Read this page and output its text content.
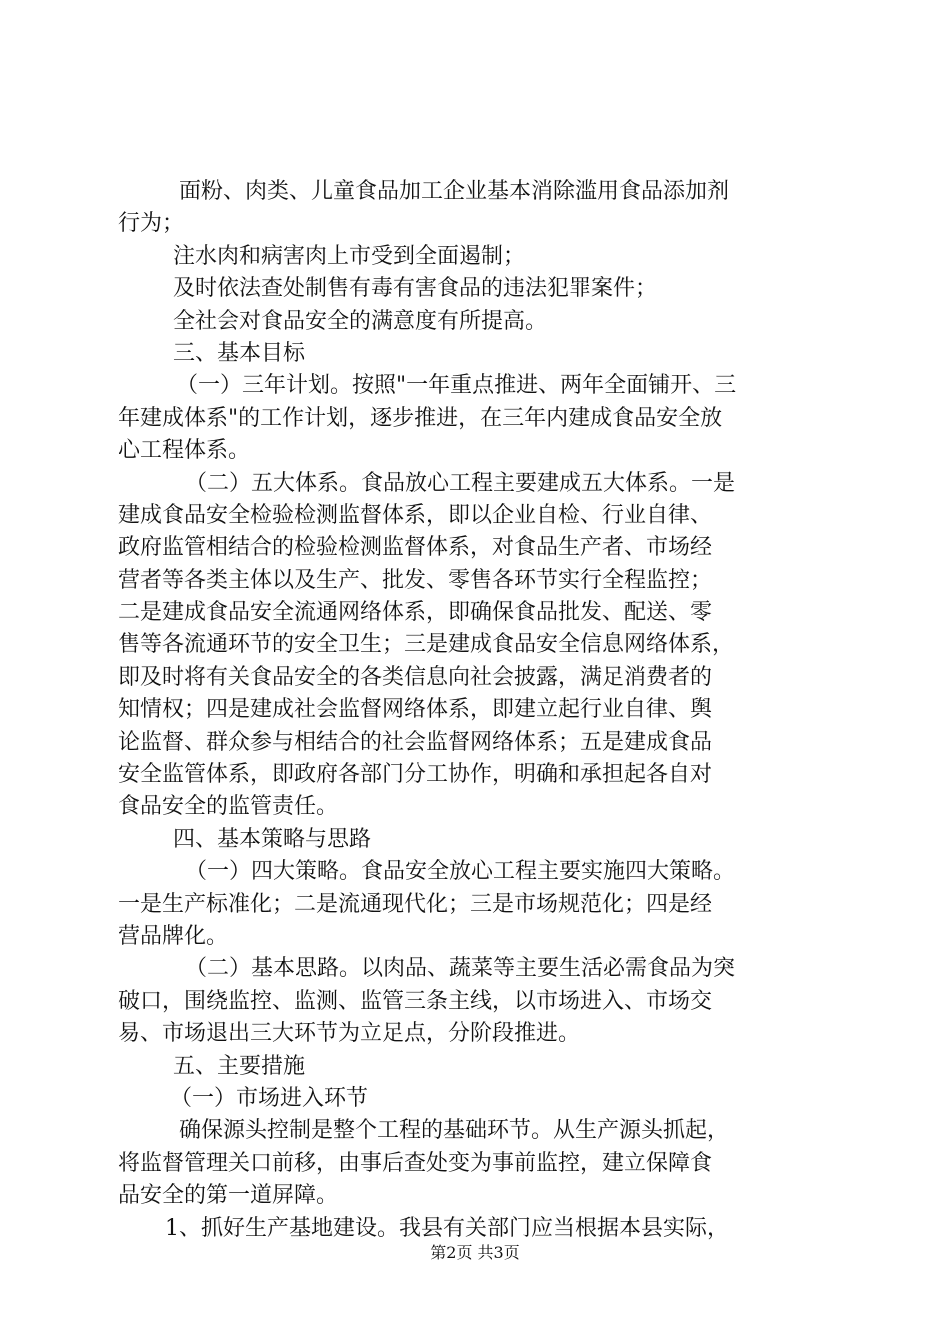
面粉、肉类、儿童食品加工企业基本消除滥用食品添加剂
行为；
注水肉和病害肉上市受到全面遏制；
及时依法查处制售有毒有害食品的违法犯罪案件；
全社会对食品安全的满意度有所提高。
三、基本目标
（一）三年计划。按照"一年重点推进、两年全面铺开、三
年建成体系"的工作计划，逐步推进，在三年内建成食品安全放
心工程体系。
（二）五大体系。食品放心工程主要建成五大体系。一是
建成食品安全检验检测监督体系，即以企业自检、行业自律、
政府监管相结合的检验检测监督体系，对食品生产者、市场经
营者等各类主体以及生产、批发、零售各环节实行全程监控；
二是建成食品安全流通网络体系，即确保食品批发、配送、零
售等各流通环节的安全卫生；三是建成食品安全信息网络体系，
即及时将有关食品安全的各类信息向社会披露，满足消费者的
知情权；四是建成社会监督网络体系，即建立起行业自律、舆
论监督、群众参与相结合的社会监督网络体系；五是建成食品
安全监管体系，即政府各部门分工协作，明确和承担起各自对
食品安全的监管责任。
四、基本策略与思路
（一）四大策略。食品安全放心工程主要实施四大策略。
一是生产标准化；二是流通现代化；三是市场规范化；四是经
营品牌化。
（二）基本思路。以肉品、蔬菜等主要生活必需食品为突
破口，围绕监控、监测、监管三条主线，以市场进入、市场交
易、市场退出三大环节为立足点，分阶段推进。
五、主要措施
（一）市场进入环节
确保源头控制是整个工程的基础环节。从生产源头抓起，
将监督管理关口前移，由事后查处变为事前监控，建立保障食
品安全的第一道屏障。
1、抓好生产基地建设。我县有关部门应当根据本县实际，
第2页 共3页
